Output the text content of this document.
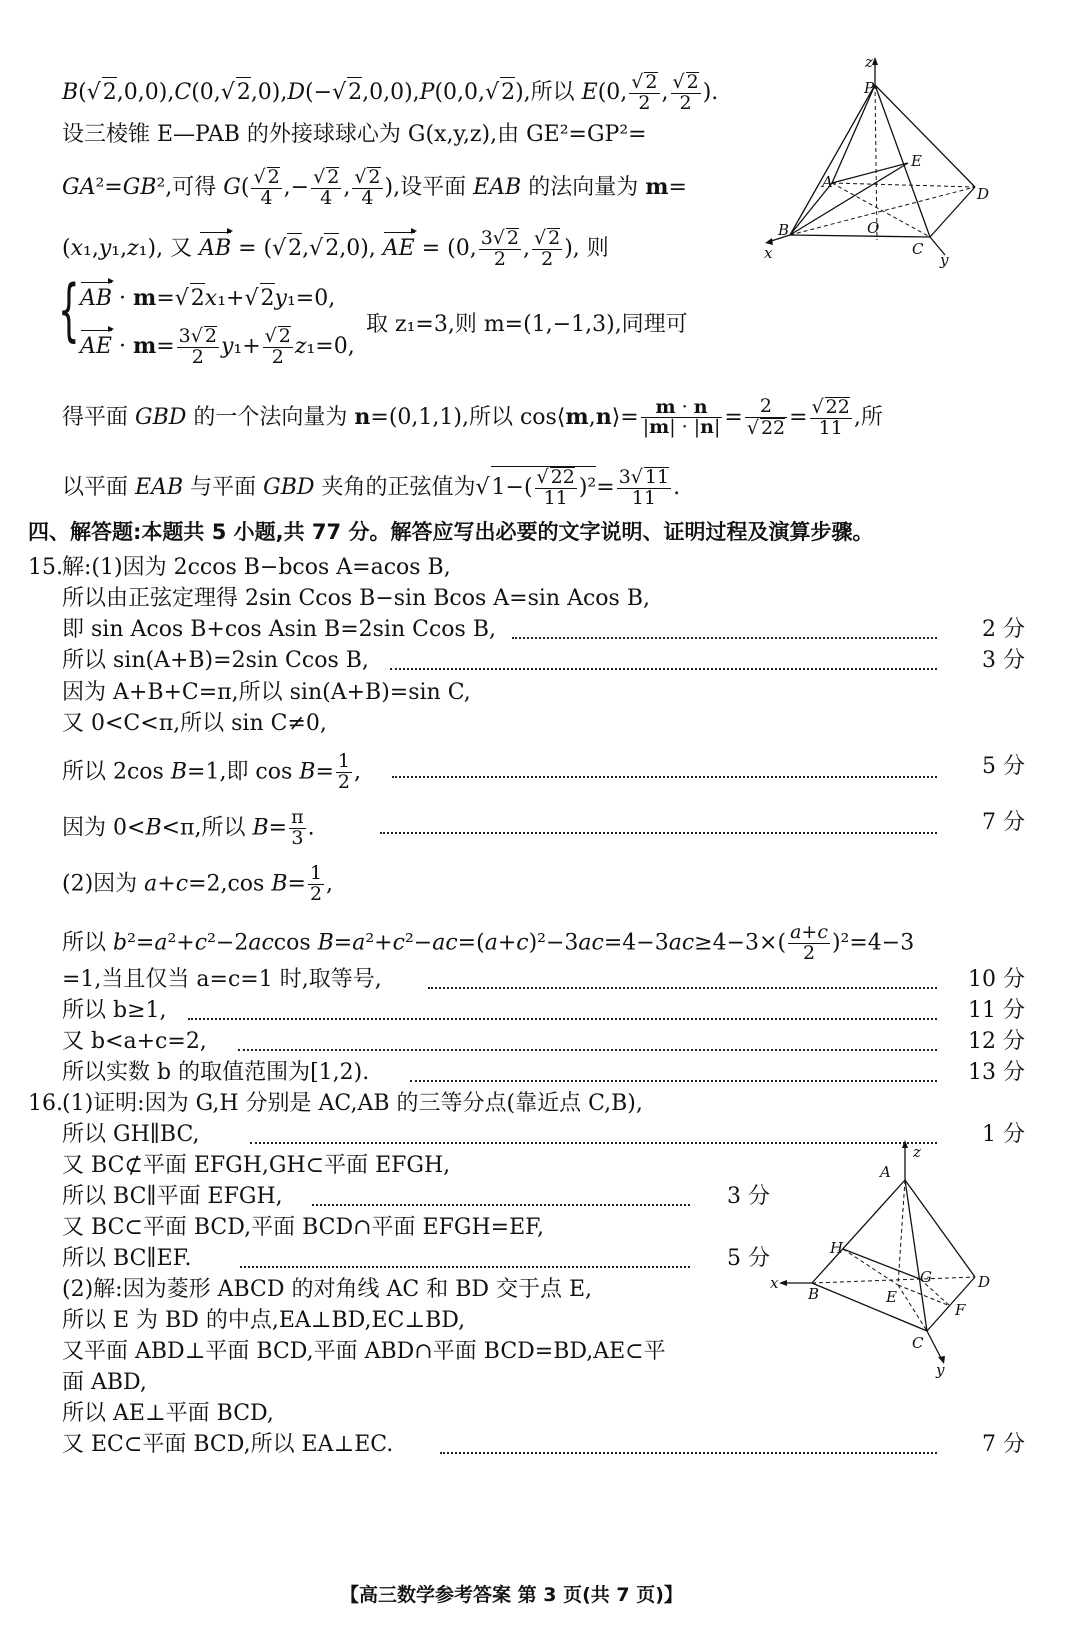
B(√2,0,0),C(0,√2,0),D(−√2,0,0),P(0,0,√2),所以 E(0, $\frac{√ 2}{2}$ , $\frac{√ 2}{2}$ ).
设三棱锥 E—PAB 的外接球球心为 G(x,y,z),由 GE²=GP²=
GA²=GB²,可得 $G( \frac{√ 2}{4}$ ,− $\frac{√ 2}{4}$ , $\frac{√ 2}{4}$ ),设平面 EAB 的法向量为 m=
(x₁,y₁,z₁), 又 AB = (√2,√2,0), AE = (0, $\frac{3√ 2}{2}$ , $\frac{√ 2}{2}$ ), 则
{ AB · m=√2x₁+√2y₁=0,
AE · $m= \frac{3√ 2}{2} y_1+ \frac{√ 2}{2} z_1=0$,
取 z₁=3,则 m=(1,−1,3),同理可
得平面 GBD 的一个法向量为 n=(0,1,1),所以 cos⟨m,n⟩= $\frac{m \cdot n}{|m| \cdot |n|} = \frac{2}{√ 22} = \frac{√ 22}{11}$ ,所
以平面 EAB 与平面 GBD 夹角的正弦值为$√1-( \frac{√ 22}{11} )^2= \frac{3√ 11}{11}$ .
z
P
E
A
D
B	O
C
x	y
四、解答题:本题共 5 小题,共 77 分。解答应写出必要的文字说明、证明过程及演算步骤。
15. 解:(1)因为 2ccos B−bcos A=acos B,
所以由正弦定理得 2sin Ccos B−sin Bcos A=sin Acos B,
即 sin Acos B+cos Asin B=2sin Ccos B,	2 分
所以 sin(A+B)=2sin Ccos B,	3 分
因为 A+B+C=π,所以 sin(A+B)=sin C,
又 0<C<π,所以 sin C≠0,
所以 2cos B=1,即 $\cos B= \frac{1}{2}$ ,	5 分
因为 0<B<π,所以 $B= \frac{\pi}{3}$ .	7 分
(2)因为 a+c=2,cos $B= \frac{1}{2}$ ,
所以 b²=a²+c²−2accos $B=a^2+c^2-ac=(a+c)^2-3ac=4-3ac\ge 4-3\times( \frac{a+c}{2} )^2=4-3$
=1,当且仅当 a=c=1 时,取等号,	10 分
所以 b≥1,	11 分
又 b<a+c=2,	12 分
所以实数 b 的取值范围为[1,2).	13 分
16. (1)证明:因为 G,H 分别是 AC,AB 的三等分点(靠近点 C,B),
所以 GH∥BC,	1 分
又 BC⊄平面 EFGH,GH⊂平面 EFGH,
所以 BC∥平面 EFGH,	3 分
又 BC⊂平面 BCD,平面 BCD∩平面 EFGH=EF,
所以 BC∥EF.	5 分
(2)解:因为菱形 ABCD 的对角线 AC 和 BD 交于点 E,
所以 E 为 BD 的中点,EA⊥BD,EC⊥BD,
又平面 ABD⊥平面 BCD,平面 ABD∩平面 BCD=BD,AE⊂平
面 ABD,
所以 AE⊥平面 BCD,
又 EC⊂平面 BCD,所以 EA⊥EC.	7 分
z
A
H
x
B
G
E
D
F
C
y
【高三数学参考答案 第 3 页(共 7 页)】
